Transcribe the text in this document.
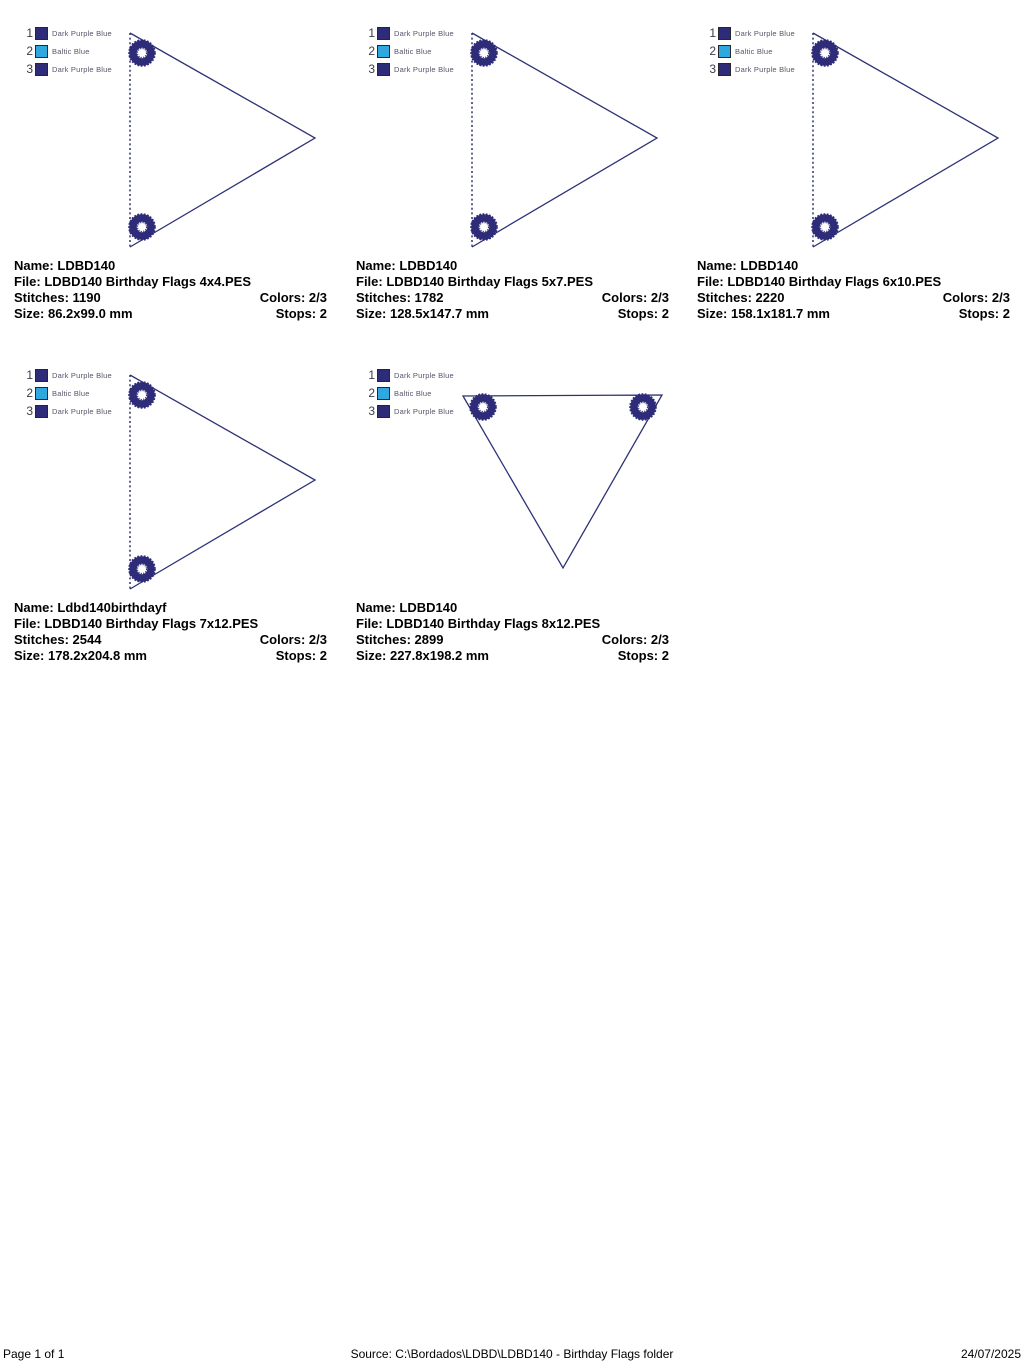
1	Dark Purple Blue
2	Baltic Blue
3	Dark Purple Blue
Name: LDBD140
File: LDBD140 Birthday Flags 4x4.PES
Stitches: 1190	Colors: 2/3
Size: 86.2x99.0 mm	Stops: 2
1	Dark Purple Blue
2	Baltic Blue
3	Dark Purple Blue
Name: LDBD140
File: LDBD140 Birthday Flags 5x7.PES
Stitches: 1782	Colors: 2/3
Size: 128.5x147.7 mm	Stops: 2
1	Dark Purple Blue
2	Baltic Blue
3	Dark Purple Blue
Name: LDBD140
File: LDBD140 Birthday Flags 6x10.PES
Stitches: 2220	Colors: 2/3
Size: 158.1x181.7 mm	Stops: 2
1	Dark Purple Blue
2	Baltic Blue
3	Dark Purple Blue
Name: Ldbd140birthdayf
File: LDBD140 Birthday Flags 7x12.PES
Stitches: 2544	Colors: 2/3
Size: 178.2x204.8 mm	Stops: 2
1	Dark Purple Blue
2	Baltic Blue
3	Dark Purple Blue
Name: LDBD140
File: LDBD140 Birthday Flags 8x12.PES
Stitches: 2899	Colors: 2/3
Size: 227.8x198.2 mm	Stops: 2
Page 1 of 1	Source: C:\Bordados\LDBD\LDBD140 - Birthday Flags folder	24/07/2025
